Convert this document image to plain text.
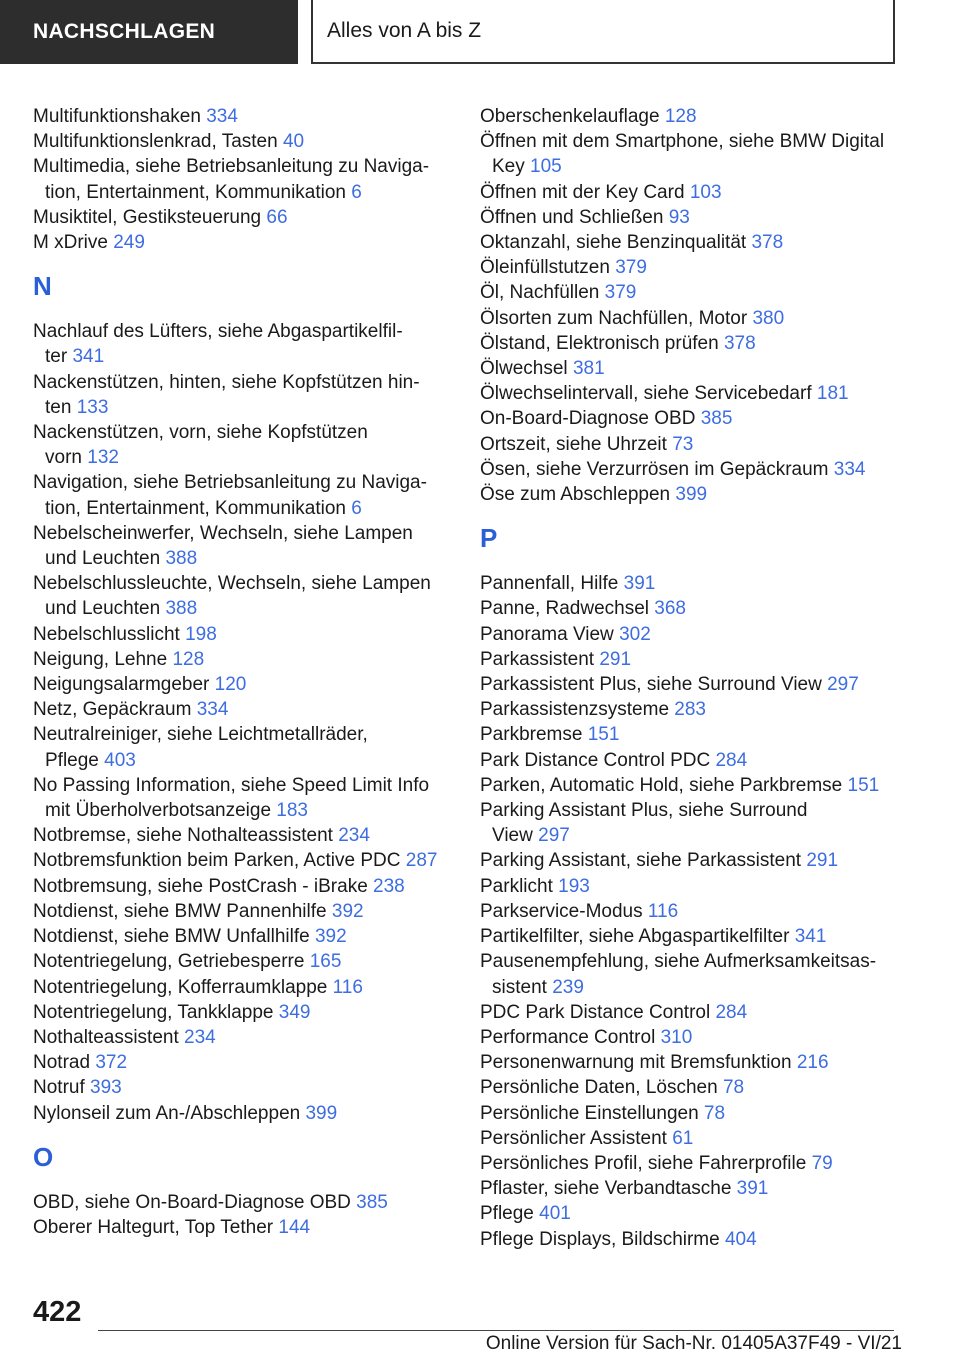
NACHSCHLAGEN	Alles von A bis Z
Multifunktionshaken 334
Multifunktionslenkrad, Tasten 40
Multimedia, siehe Betriebsanleitung zu Naviga-
tion, Entertainment, Kommunikation 6
Musiktitel, Gestiksteuerung 66
M xDrive 249
N
Nachlauf des Lüfters, siehe Abgaspartikelfil-
ter 341
Nackenstützen, hinten, siehe Kopfstützen hin-
ten 133
Nackenstützen, vorn, siehe Kopfstützen
vorn 132
Navigation, siehe Betriebsanleitung zu Naviga-
tion, Entertainment, Kommunikation 6
Nebelscheinwerfer, Wechseln, siehe Lampen
und Leuchten 388
Nebelschlussleuchte, Wechseln, siehe Lampen
und Leuchten 388
Nebelschlusslicht 198
Neigung, Lehne 128
Neigungsalarmgeber 120
Netz, Gepäckraum 334
Neutralreiniger, siehe Leichtmetallräder,
Pflege 403
No Passing Information, siehe Speed Limit Info
mit Überholverbotsanzeige 183
Notbremse, siehe Nothalteassistent 234
Notbremsfunktion beim Parken, Active PDC 287
Notbremsung, siehe PostCrash - iBrake 238
Notdienst, siehe BMW Pannenhilfe 392
Notdienst, siehe BMW Unfallhilfe 392
Notentriegelung, Getriebesperre 165
Notentriegelung, Kofferraumklappe 116
Notentriegelung, Tankklappe 349
Nothalteassistent 234
Notrad 372
Notruf 393
Nylonseil zum An-/Abschleppen 399
O
OBD, siehe On-Board-Diagnose OBD 385
Oberer Haltegurt, Top Tether 144
Oberschenkelauflage 128
Öffnen mit dem Smartphone, siehe BMW Digital
Key 105
Öffnen mit der Key Card 103
Öffnen und Schließen 93
Oktanzahl, siehe Benzinqualität 378
Öleinfüllstutzen 379
Öl, Nachfüllen 379
Ölsorten zum Nachfüllen, Motor 380
Ölstand, Elektronisch prüfen 378
Ölwechsel 381
Ölwechselintervall, siehe Servicebedarf 181
On-Board-Diagnose OBD 385
Ortszeit, siehe Uhrzeit 73
Ösen, siehe Verzurrösen im Gepäckraum 334
Öse zum Abschleppen 399
P
Pannenfall, Hilfe 391
Panne, Radwechsel 368
Panorama View 302
Parkassistent 291
Parkassistent Plus, siehe Surround View 297
Parkassistenzsysteme 283
Parkbremse 151
Park Distance Control PDC 284
Parken, Automatic Hold, siehe Parkbremse 151
Parking Assistant Plus, siehe Surround
View 297
Parking Assistant, siehe Parkassistent 291
Parklicht 193
Parkservice-Modus 116
Partikelfilter, siehe Abgaspartikelfilter 341
Pausenempfehlung, siehe Aufmerksamkeitsas-
sistent 239
PDC Park Distance Control 284
Performance Control 310
Personenwarnung mit Bremsfunktion 216
Persönliche Daten, Löschen 78
Persönliche Einstellungen 78
Persönlicher Assistent 61
Persönliches Profil, siehe Fahrerprofile 79
Pflaster, siehe Verbandtasche 391
Pflege 401
Pflege Displays, Bildschirme 404
422
Online Version für Sach-Nr. 01405A37F49 - VI/21
